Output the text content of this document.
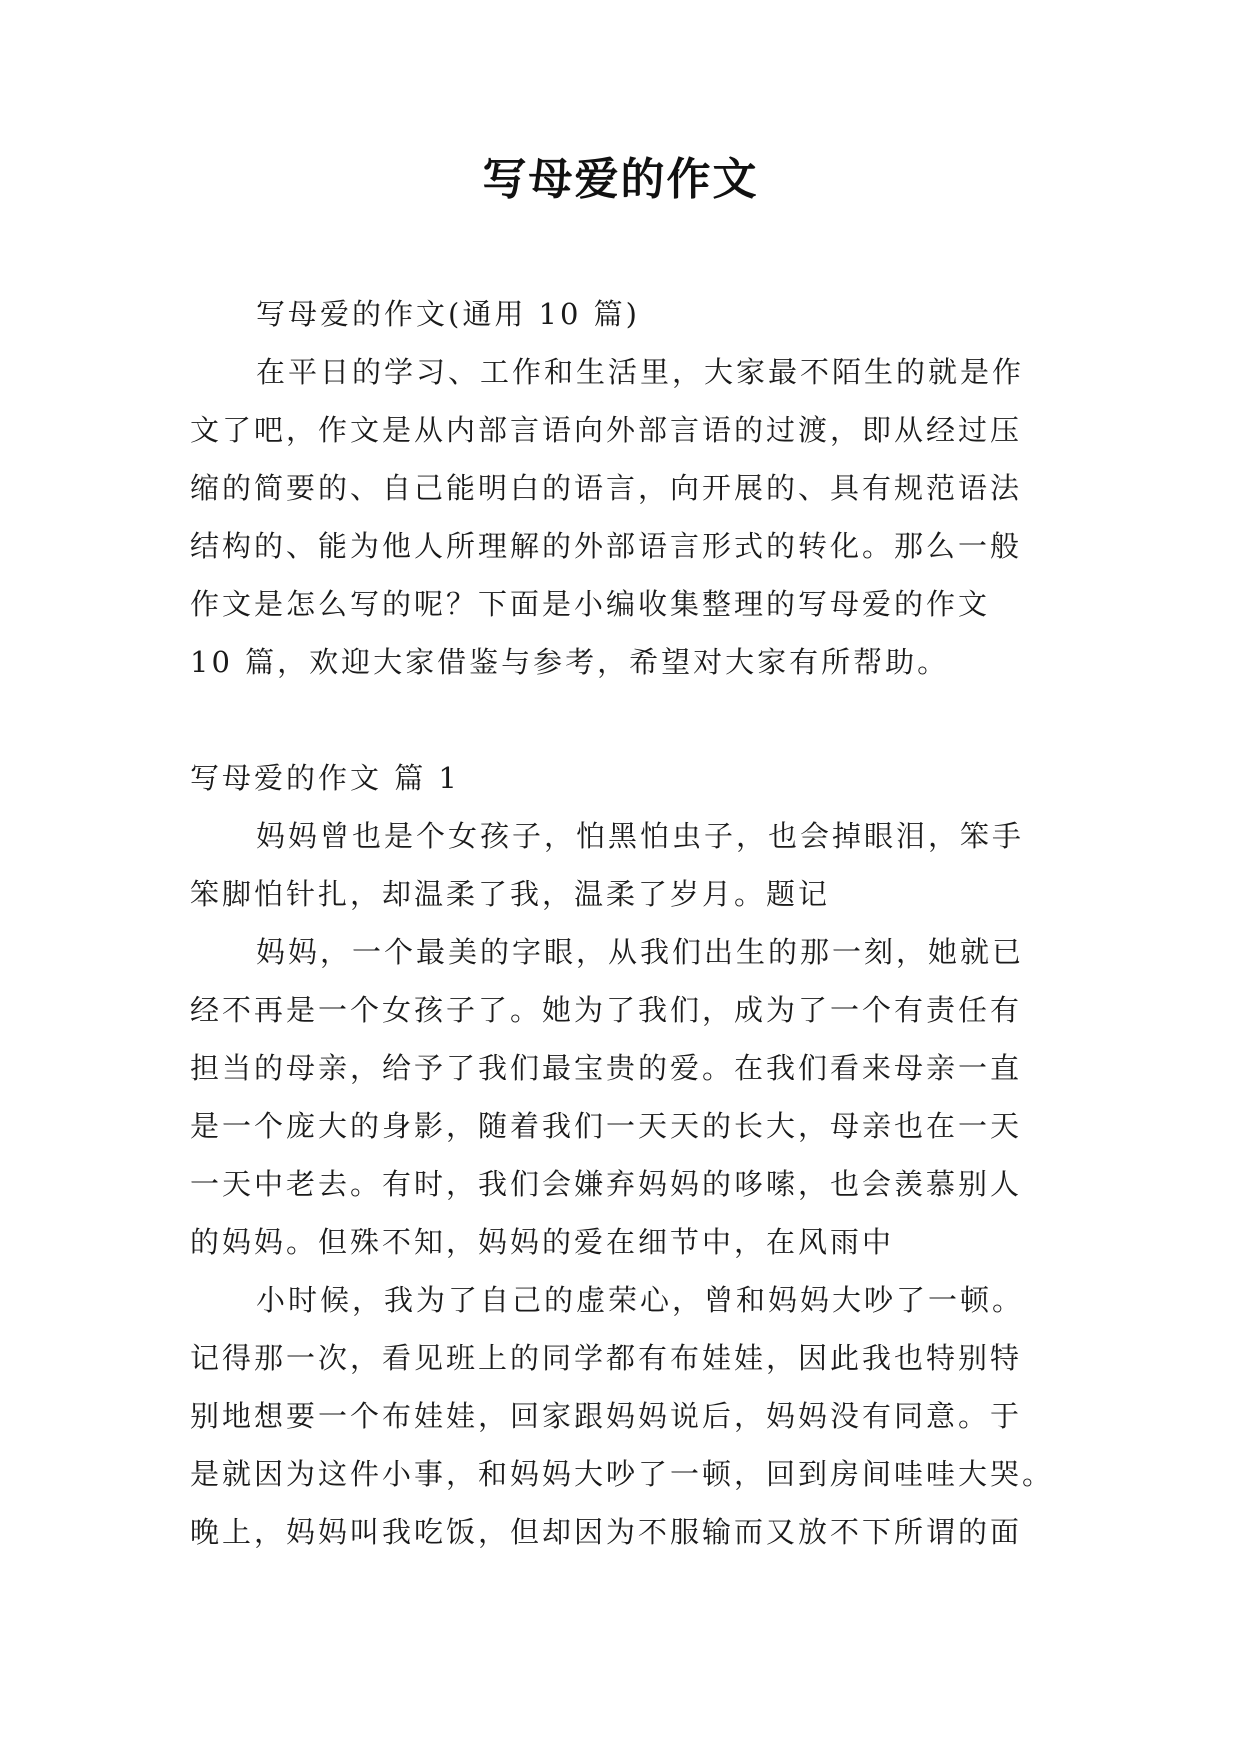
写母爱的作文
写母爱的作文(通用 10 篇)
在平日的学习、工作和生活里，大家最不陌生的就是作
文了吧，作文是从内部言语向外部言语的过渡，即从经过压
缩的简要的、自己能明白的语言，向开展的、具有规范语法
结构的、能为他人所理解的外部语言形式的转化。那么一般
作文是怎么写的呢？下面是小编收集整理的写母爱的作文
10 篇，欢迎大家借鉴与参考，希望对大家有所帮助。
写母爱的作文 篇 1
妈妈曾也是个女孩子，怕黑怕虫子，也会掉眼泪，笨手
笨脚怕针扎，却温柔了我，温柔了岁月。题记
妈妈，一个最美的字眼，从我们出生的那一刻，她就已
经不再是一个女孩子了。她为了我们，成为了一个有责任有
担当的母亲，给予了我们最宝贵的爱。在我们看来母亲一直
是一个庞大的身影，随着我们一天天的长大，母亲也在一天
一天中老去。有时，我们会嫌弃妈妈的哆嗦，也会羡慕别人
的妈妈。但殊不知，妈妈的爱在细节中，在风雨中
小时候，我为了自己的虚荣心，曾和妈妈大吵了一顿。
记得那一次，看见班上的同学都有布娃娃，因此我也特别特
别地想要一个布娃娃，回家跟妈妈说后，妈妈没有同意。于
是就因为这件小事，和妈妈大吵了一顿，回到房间哇哇大哭。
晚上，妈妈叫我吃饭，但却因为不服输而又放不下所谓的面
